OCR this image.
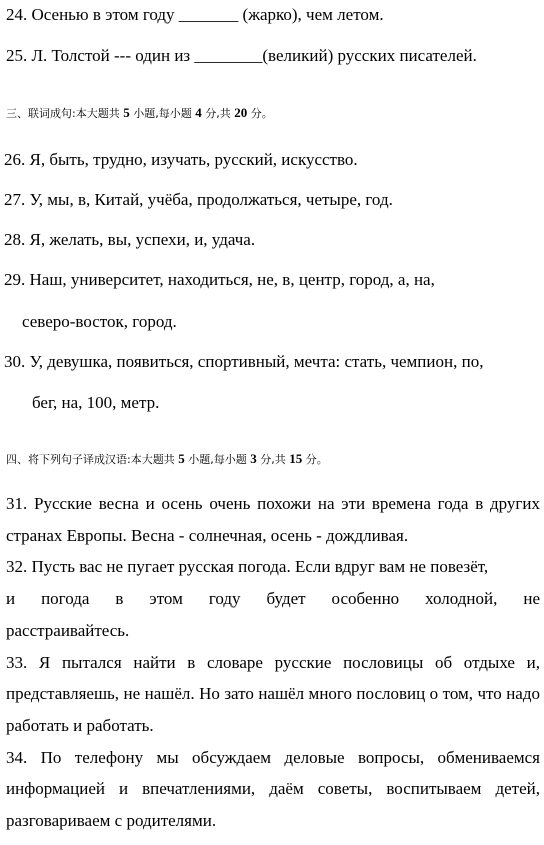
24. Осенью в этом году _______ (жарко), чем летом.
25. Л. Толстой --- один из ________(великий) русских писателей.
三、联词成句:本大题共 5 小题,每小题 4 分,共 20 分。
26. Я, быть, трудно, изучать, русский, искусство.
27. У, мы, в, Китай, учёба, продолжаться, четыре, год.
28. Я, желать, вы, успехи, и, удача.
29. Наш, университет, находиться, не, в, центр, город, а, на,
северо-восток, город.
30. У, девушка, появиться, спортивный, мечта: стать, чемпион, по,
бег, на, 100, метр.
四、将下列句子译成汉语:本大题共 5 小题,每小题 3 分,共 15 分。

31. Русские весна и осень очень похожи на эти времена года в других странах Европы. Весна - солнечная, осень - дождливая.

32. Пусть вас не пугает русская погода. Если вдруг вам не повезёт,

и погода в этом году будет особенно холодной, не

расстраивайтесь.

33. Я пытался найти в словаре русские пословицы об отдыхе и, представляешь, не нашёл. Но зато нашёл много пословиц о том, что надо работать и работать.

34. По телефону мы обсуждаем деловые вопросы, обмениваемся информацией и впечатлениями, даём советы, воспитываем детей, разговариваем с родителями.
